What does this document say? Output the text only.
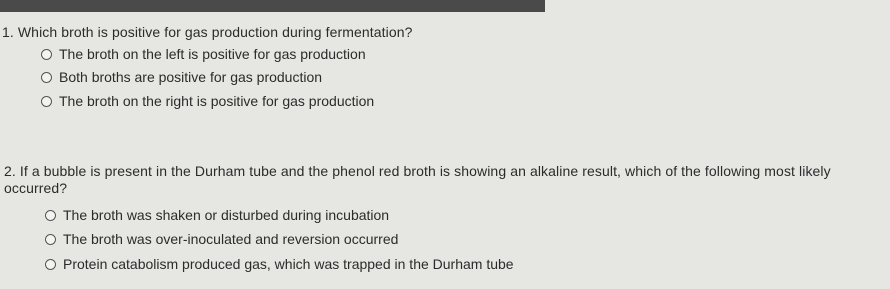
1. Which broth is positive for gas production during fermentation?
The broth on the left is positive for gas production
Both broths are positive for gas production
The broth on the right is positive for gas production
2. If a bubble is present in the Durham tube and the phenol red broth is showing an alkaline result, which of the following most likely occurred?
The broth was shaken or disturbed during incubation
The broth was over-inoculated and reversion occurred
Protein catabolism produced gas, which was trapped in the Durham tube
